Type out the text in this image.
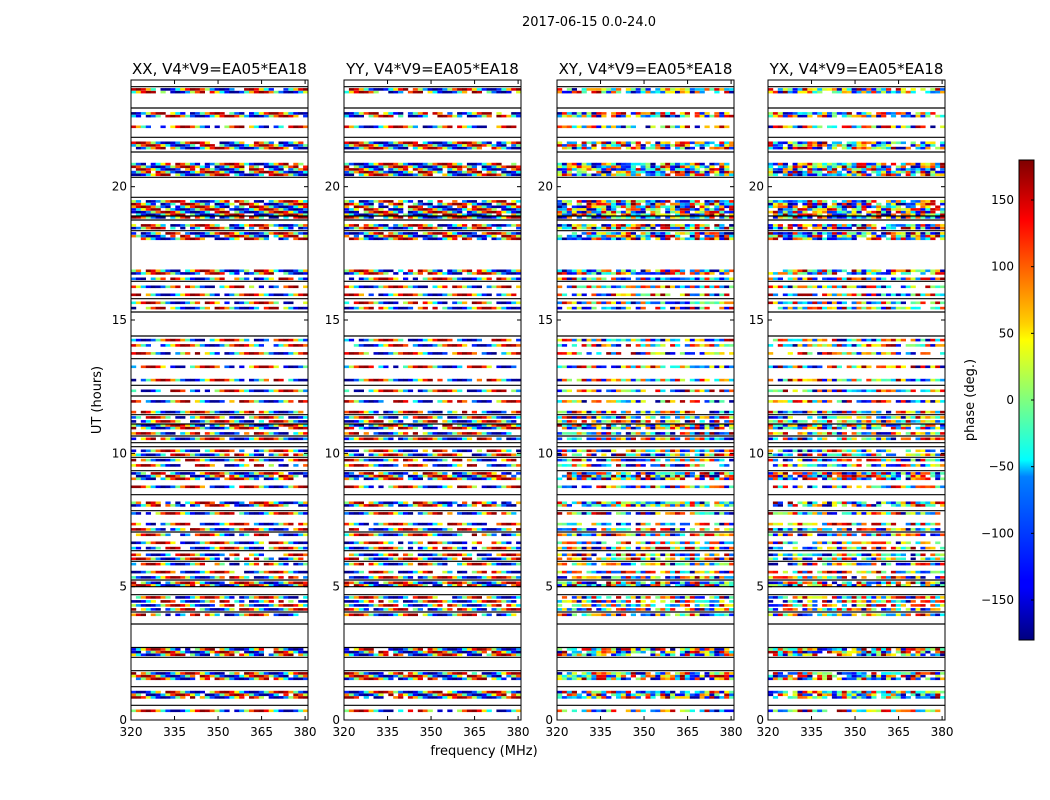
2017-06-15 0.0-24.0
UT (hours)
frequency (MHz)
XX, V4*V9=EA05*EA18
320 335 350 365 380
0
5
10
15
20
YY, V4*V9=EA05*EA18
320 335 350 365 380
0
5
10
15
20
XY, V4*V9=EA05*EA18
320 335 350 365 380
0
5
10
15
20
YX, V4*V9=EA05*EA18
320 335 350 365 380
0
5
10
15
20
phase (deg.)
−150
−100
−50
0
50
100
150
